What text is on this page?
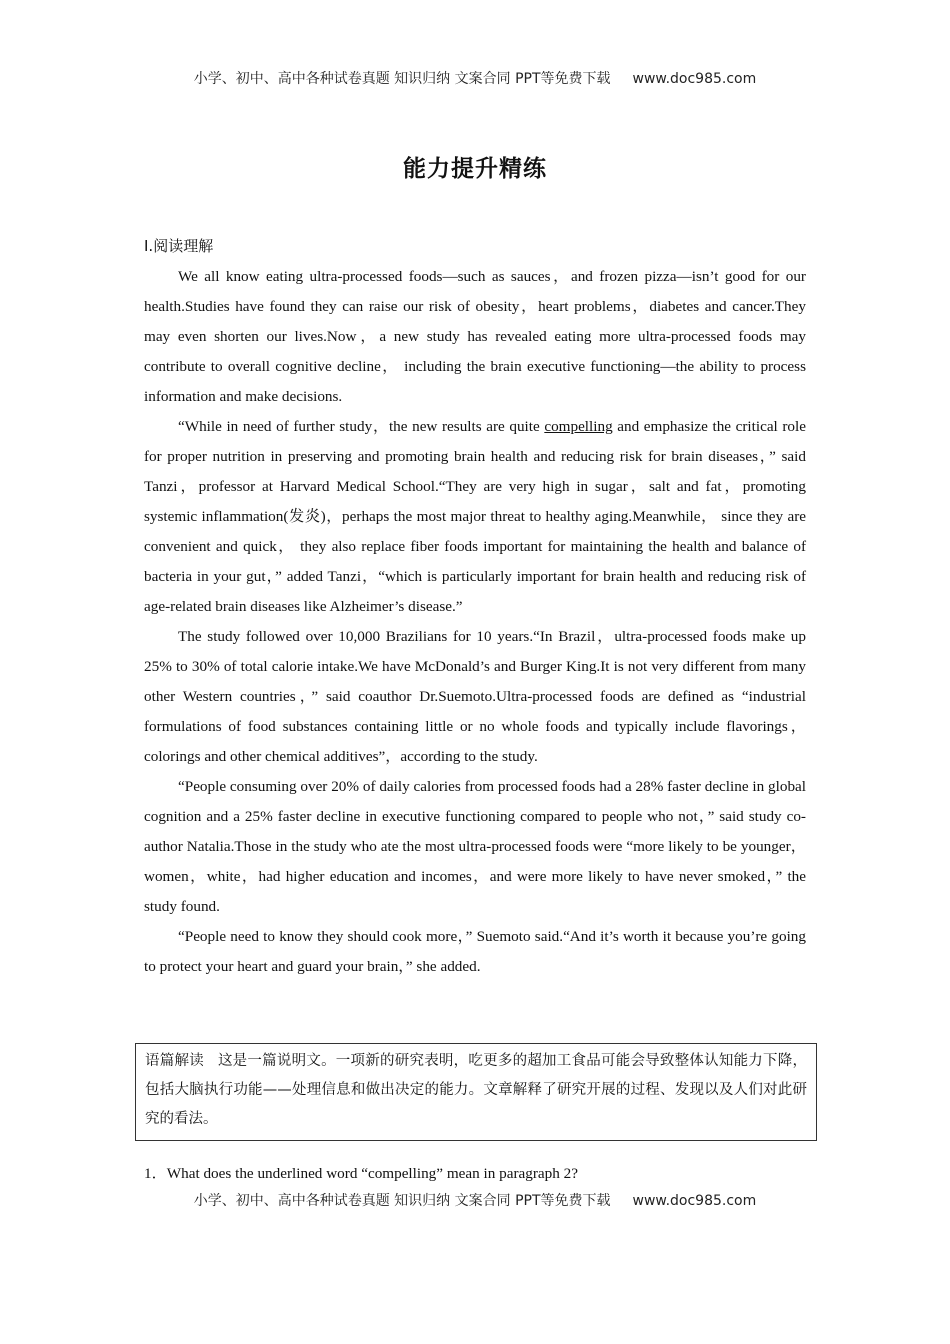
小学、初中、高中各种试卷真题 知识归纳 文案合同 PPT等免费下载 www.doc985.com
能力提升精练
Ⅰ.阅读理解

We all know eating ultra-processed foods—such as sauces，and frozen pizza—isn’t good for our health.Studies have found they can raise our risk of obesity，heart problems，diabetes and cancer.They may even shorten our lives.Now，a new study has revealed eating more ultra-processed foods may contribute to overall cognitive decline， including the brain executive functioning—the ability to process information and make decisions.

“While in need of further study，the new results are quite compelling and emphasize the critical role for proper nutrition in preserving and promoting brain health and reducing risk for brain diseases，” said Tanzi，professor at Harvard Medical School.“They are very high in sugar，salt and fat，promoting systemic inflammation(发炎)，perhaps the most major threat to healthy aging.Meanwhile， since they are convenient and quick， they also replace fiber foods important for maintaining the health and balance of bacteria in your gut，” added Tanzi，“which is particularly important for brain health and reducing risk of age-related brain diseases like Alzheimer’s disease.”

The study followed over 10,000 Brazilians for 10 years.“In Brazil，ultra-processed foods make up 25% to 30% of total calorie intake.We have McDonald’s and Burger King.It is not very different from many other Western countries，” said coauthor Dr.Suemoto.Ultra-processed foods are defined as “industrial formulations of food substances containing little or no whole foods and typically include flavorings，colorings and other chemical additives”，according to the study.

“People consuming over 20% of daily calories from processed foods had a 28% faster decline in global cognition and a 25% faster decline in executive functioning compared to people who not，” said study co-author Natalia.Those in the study who ate the most ultra-processed foods were “more likely to be younger，women，white，had higher education and incomes，and were more likely to have never smoked，” the study found.

“People need to know they should cook more，” Suemoto said.“And it’s worth it because you’re going to protect your heart and guard your brain，” she added.

语篇解读 这是一篇说明文。一项新的研究表明，吃更多的超加工食品可能会导致整体认知能力下降，包括大脑执行功能——处理信息和做出决定的能力。文章解释了研究开展的过程、发现以及人们对此研究的看法。
1．What does the underlined word “compelling” mean in paragraph 2?
小学、初中、高中各种试卷真题 知识归纳 文案合同 PPT等免费下载 www.doc985.com
